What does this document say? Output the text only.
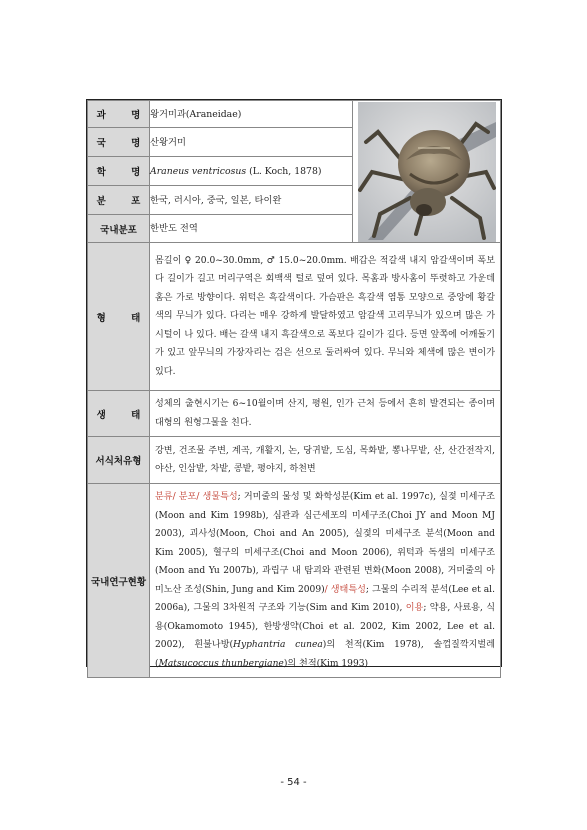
과 명	왕거미과(Araneidae)	

국 명	산왕거미	
학 명	Araneus ventricosus (L. Koch, 1878)	
분 포	한국, 러시아, 중국, 일본, 타이완	
국내분포	한반도 전역	
형 태	몸길이 ♀ 20.0~30.0mm, ♂ 15.0~20.0mm. 배갑은 적갈색 내지 암갈색이며 폭보다 길이가 길고 머리구역은 회백색 털로 덮여 있다. 목홈과 방사홈이 뚜렷하고 가운데홈은 가로 방향이다. 위턱은 흑갈색이다. 가슴판은 흑갈색 염통 모양으로 중앙에 황갈색의 무늬가 있다. 다리는 매우 강하게 발달하였고 암갈색 고리무늬가 있으며 많은 가시털이 나 있다. 배는 갈색 내지 흑갈색으로 폭보다 길이가 길다. 등면 앞쪽에 어깨돌기가 있고 앞무늬의 가장자리는 검은 선으로 둘러싸여 있다. 무늬와 체색에 많은 변이가 있다.	
생 태	성체의 출현시기는 6~10월이며 산지, 평원, 인가 근처 등에서 흔히 발견되는 종이며 대형의 원형그물을 친다.	
서식처유형	강변, 건조물 주변, 계곡, 개활지, 논, 당귀밭, 도심, 목화밭, 뽕나무밭, 산, 산간전작지, 야산, 인삼밭, 차밭, 콩밭, 평야지, 하천변	
국내연구현황	분류/ 분포/ 생물특성; 거미줄의 물성 및 화학성분(Kim et al. 1997c), 실젖 미세구조(Moon and Kim 1998b), 심관과 심근세포의 미세구조(Choi JY and Moon MJ 2003), 괴사성(Moon, Choi and An 2005), 실젖의 미세구조 분석(Moon and Kim 2005), 혈구의 미세구조(Choi and Moon 2006), 위턱과 독샘의 미세구조(Moon and Yu 2007b), 과립구 내 탐괴와 관련된 변화(Moon 2008), 거미줄의 아미노산 조성(Shin, Jung and Kim 2009)/ 생태특성; 그물의 수리적 분석(Lee et al. 2006a), 그물의 3차원적 구조와 기능(Sim and Kim 2010), 이용; 약용, 사료용, 식용(Okamomoto 1945), 한방생약(Choi et al. 2002, Kim 2002, Lee et al. 2002), 흰불나방(Hyphantria cunea)의 천적(Kim 1978), 솔껍질깍지벌레(Matsucoccus thunbergiane)의 천적(Kim 1993)	
- 54 -
